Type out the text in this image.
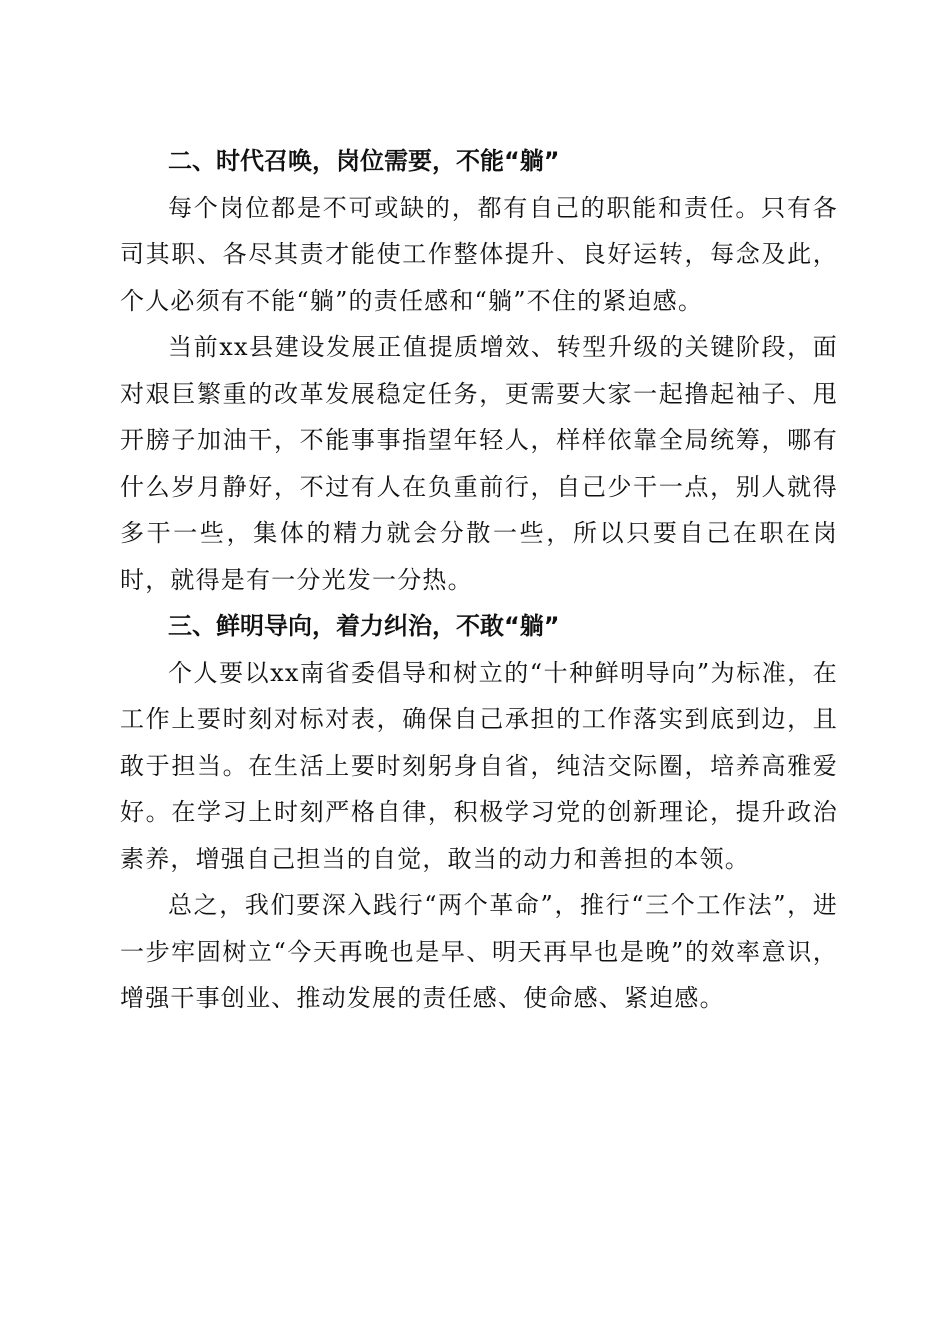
二、时代召唤，岗位需要，不能“躺”

每个岗位都是不可或缺的，都有自己的职能和责任。只有各司其职、各尽其责才能使工作整体提升、良好运转，每念及此，个人必须有不能“躺”的责任感和“躺”不住的紧迫感。

当前xx县建设发展正值提质增效、转型升级的关键阶段，面对艰巨繁重的改革发展稳定任务，更需要大家一起撸起袖子、甩开膀子加油干，不能事事指望年轻人，样样依靠全局统筹，哪有什么岁月静好，不过有人在负重前行，自己少干一点，别人就得多干一些，集体的精力就会分散一些，所以只要自己在职在岗时，就得是有一分光发一分热。

三、鲜明导向，着力纠治，不敢“躺”

个人要以xx南省委倡导和树立的“十种鲜明导向”为标准，在工作上要时刻对标对表，确保自己承担的工作落实到底到边，且敢于担当。在生活上要时刻躬身自省，纯洁交际圈，培养高雅爱好。在学习上时刻严格自律，积极学习党的创新理论，提升政治素养，增强自己担当的自觉，敢当的动力和善担的本领。

总之，我们要深入践行“两个革命”，推行“三个工作法”，进一步牢固树立“今天再晚也是早、明天再早也是晚”的效率意识，增强干事创业、推动发展的责任感、使命感、紧迫感。
